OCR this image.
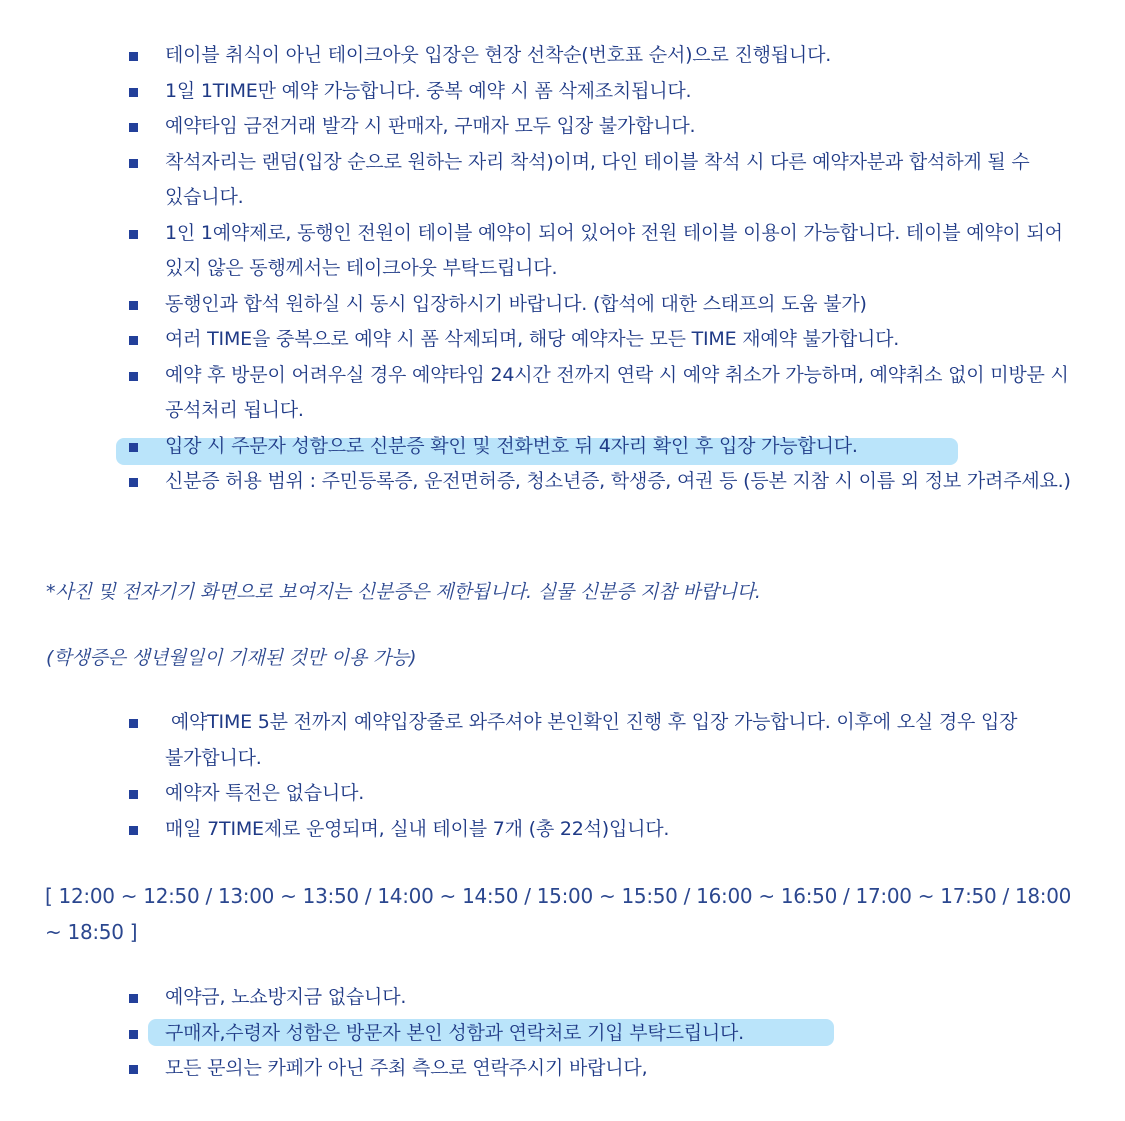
테이블 취식이 아닌 테이크아웃 입장은 현장 선착순(번호표 순서)으로 진행됩니다.
1일 1TIME만 예약 가능합니다. 중복 예약 시 폼 삭제조치됩니다.
예약타임 금전거래 발각 시 판매자, 구매자 모두 입장 불가합니다.
착석자리는 랜덤(입장 순으로 원하는 자리 착석)이며, 다인 테이블 착석 시 다른 예약자분과 합석하게 될 수 있습니다.
1인 1예약제로, 동행인 전원이 테이블 예약이 되어 있어야 전원 테이블 이용이 가능합니다. 테이블 예약이 되어 있지 않은 동행께서는 테이크아웃 부탁드립니다.
동행인과 합석 원하실 시 동시 입장하시기 바랍니다. (합석에 대한 스태프의 도움 불가)
여러 TIME을 중복으로 예약 시 폼 삭제되며, 해당 예약자는 모든 TIME 재예약 불가합니다.
예약 후 방문이 어려우실 경우 예약타임 24시간 전까지 연락 시 예약 취소가 가능하며, 예약취소 없이 미방문 시 공석처리 됩니다.
입장 시 주문자 성함으로 신분증 확인 및 전화번호 뒤 4자리 확인 후 입장 가능합니다.
신분증 허용 범위 : 주민등록증, 운전면허증, 청소년증, 학생증, 여권 등 (등본 지참 시 이름 외 정보 가려주세요.)
*사진 및 전자기기 화면으로 보여지는 신분증은 제한됩니다. 실물 신분증 지참 바랍니다.
(학생증은 생년월일이 기재된 것만 이용 가능)
예약TIME 5분 전까지 예약입장줄로 와주셔야 본인확인 진행 후 입장 가능합니다. 이후에 오실 경우 입장 불가합니다.
예약자 특전은 없습니다.
매일 7TIME제로 운영되며, 실내 테이블 7개 (총 22석)입니다.
[ 12:00 ~ 12:50 / 13:00 ~ 13:50 / 14:00 ~ 14:50 / 15:00 ~ 15:50 / 16:00 ~ 16:50 / 17:00 ~ 17:50 / 18:00 ~ 18:50 ]
예약금, 노쇼방지금 없습니다.
구매자,수령자 성함은 방문자 본인 성함과 연락처로 기입 부탁드립니다.
모든 문의는 카페가 아닌 주최 측으로 연락주시기 바랍니다,
